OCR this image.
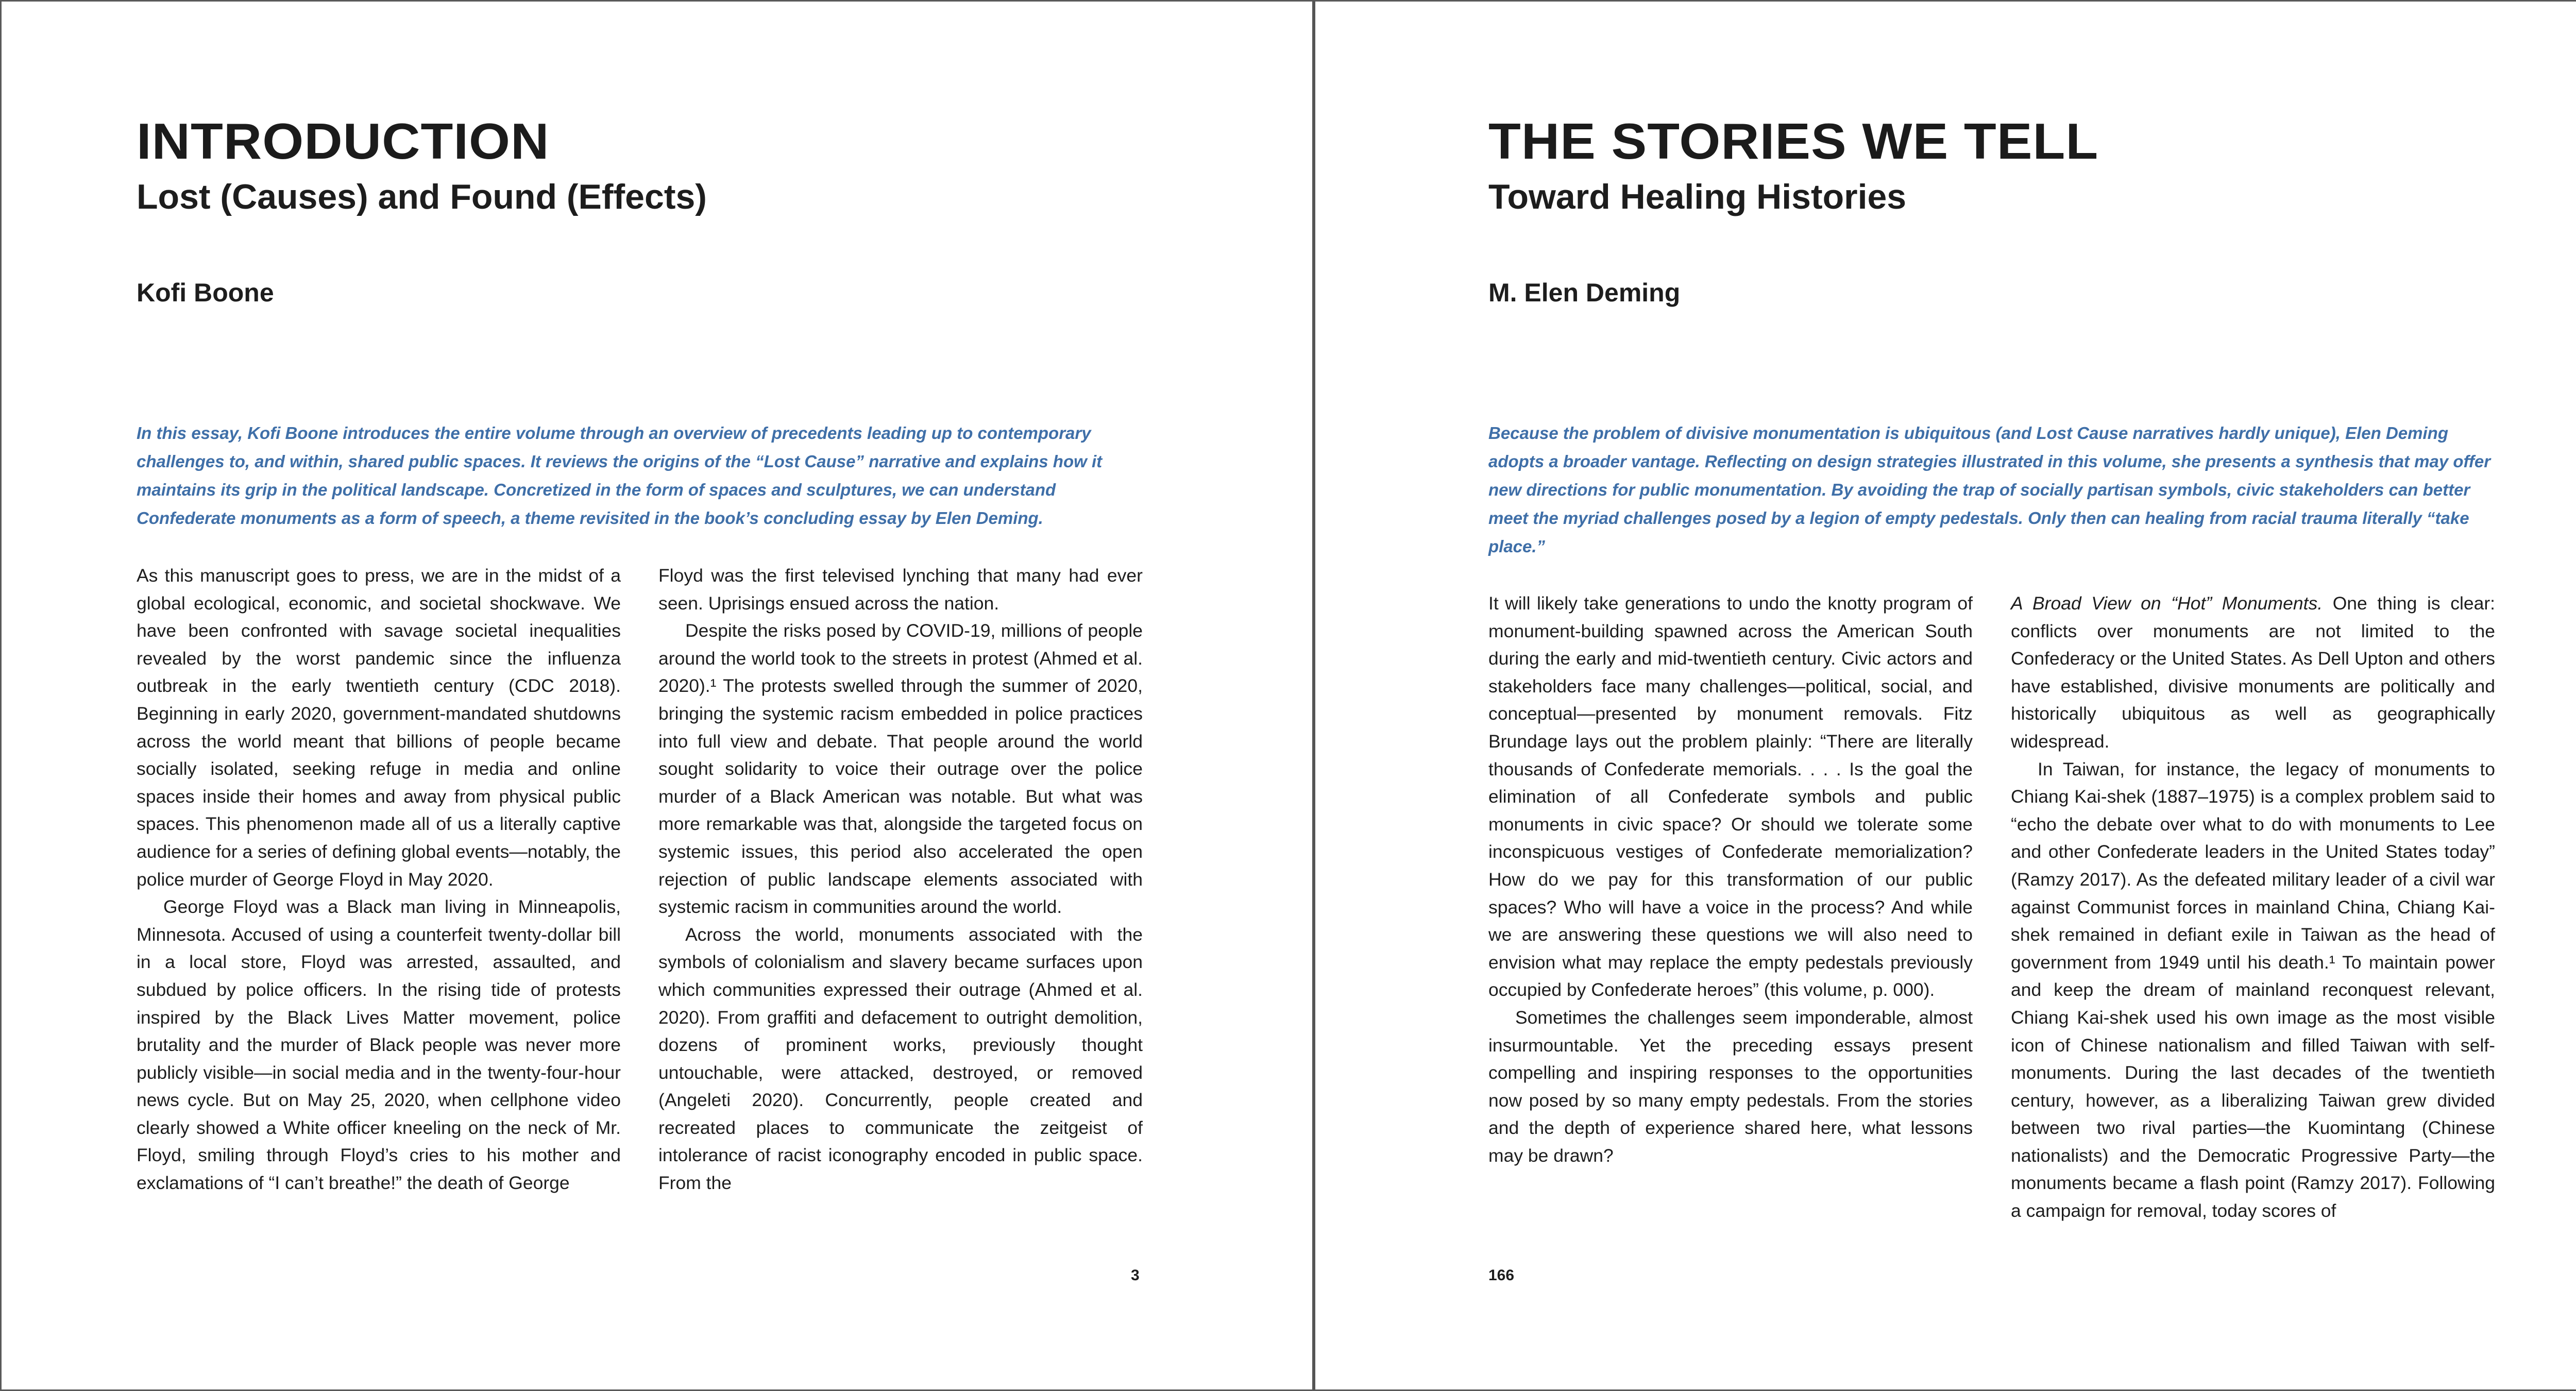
INTRODUCTION
Lost (Causes) and Found (Effects)
Kofi Boone
In this essay, Kofi Boone introduces the entire volume through an overview of precedents leading up to contemporary challenges to, and within, shared public spaces. It reviews the origins of the “Lost Cause” narrative and explains how it maintains its grip in the political landscape. Concretized in the form of spaces and sculptures, we can understand Confederate monuments as a form of speech, a theme revisited in the book’s concluding essay by Elen Deming.

As this manuscript goes to press, we are in the midst of a global ecological, economic, and societal shockwave. We have been confronted with savage societal inequalities revealed by the worst pandemic since the influenza outbreak in the early twentieth century (CDC 2018). Beginning in early 2020, government-mandated shutdowns across the world meant that billions of people became socially isolated, seeking refuge in media and online spaces inside their homes and away from physical public spaces. This phenomenon made all of us a literally captive audience for a series of defining global events—notably, the police murder of George Floyd in May 2020.

George Floyd was a Black man living in Minneapolis, Minnesota. Accused of using a counterfeit twenty-dollar bill in a local store, Floyd was arrested, assaulted, and subdued by police officers. In the rising tide of protests inspired by the Black Lives Matter movement, police brutality and the murder of Black people was never more publicly visible—in social media and in the twenty-four-hour news cycle. But on May 25, 2020, when cellphone video clearly showed a White officer kneeling on the neck of Mr. Floyd, smiling through Floyd’s cries to his mother and exclamations of “I can’t breathe!” the death of George

Floyd was the first televised lynching that many had ever seen. Uprisings ensued across the nation.

Despite the risks posed by COVID-19, millions of people around the world took to the streets in protest (Ahmed et al. 2020).¹ The protests swelled through the summer of 2020, bringing the systemic racism embedded in police practices into full view and debate. That people around the world sought solidarity to voice their outrage over the police murder of a Black American was notable. But what was more remarkable was that, alongside the targeted focus on systemic issues, this period also accelerated the open rejection of public landscape elements associated with systemic racism in communities around the world.

Across the world, monuments associated with the symbols of colonialism and slavery became surfaces upon which communities expressed their outrage (Ahmed et al. 2020). From graffiti and defacement to outright demolition, dozens of prominent works, previously thought untouchable, were attacked, destroyed, or removed (Angeleti 2020). Concurrently, people created and recreated places to communicate the zeitgeist of intolerance of racist iconography encoded in public space. From the

3
THE STORIES WE TELL
Toward Healing Histories
M. Elen Deming
Because the problem of divisive monumentation is ubiquitous (and Lost Cause narratives hardly unique), Elen Deming adopts a broader vantage. Reflecting on design strategies illustrated in this volume, she presents a synthesis that may offer new directions for public monumentation. By avoiding the trap of socially partisan symbols, civic stakeholders can better meet the myriad challenges posed by a legion of empty pedestals. Only then can healing from racial trauma literally “take place.”

It will likely take generations to undo the knotty program of monument-building spawned across the American South during the early and mid-twentieth century. Civic actors and stakeholders face many challenges—political, social, and conceptual—presented by monument removals. Fitz Brundage lays out the problem plainly: “There are literally thousands of Confederate memorials. . . . Is the goal the elimination of all Confederate symbols and public monuments in civic space? Or should we tolerate some inconspicuous vestiges of Confederate memorialization? How do we pay for this transformation of our public spaces? Who will have a voice in the process? And while we are answering these questions we will also need to envision what may replace the empty pedestals previously occupied by Confederate heroes” (this volume, p. 000).

Sometimes the challenges seem imponderable, almost insurmountable. Yet the preceding essays present compelling and inspiring responses to the opportunities now posed by so many empty pedestals. From the stories and the depth of experience shared here, what lessons may be drawn?

A Broad View on “Hot” Monuments. One thing is clear: conflicts over monuments are not limited to the Confederacy or the United States. As Dell Upton and others have established, divisive monuments are politically and historically ubiquitous as well as geographically widespread.

In Taiwan, for instance, the legacy of monuments to Chiang Kai-shek (1887–1975) is a complex problem said to “echo the debate over what to do with monuments to Lee and other Confederate leaders in the United States today” (Ramzy 2017). As the defeated military leader of a civil war against Communist forces in mainland China, Chiang Kai-shek remained in defiant exile in Taiwan as the head of government from 1949 until his death.¹ To maintain power and keep the dream of mainland reconquest relevant, Chiang Kai-shek used his own image as the most visible icon of Chinese nationalism and filled Taiwan with self-monuments. During the last decades of the twentieth century, however, as a liberalizing Taiwan grew divided between two rival parties—the Kuomintang (Chinese nationalists) and the Democratic Progressive Party—the monuments became a flash point (Ramzy 2017). Following a campaign for removal, today scores of

166
